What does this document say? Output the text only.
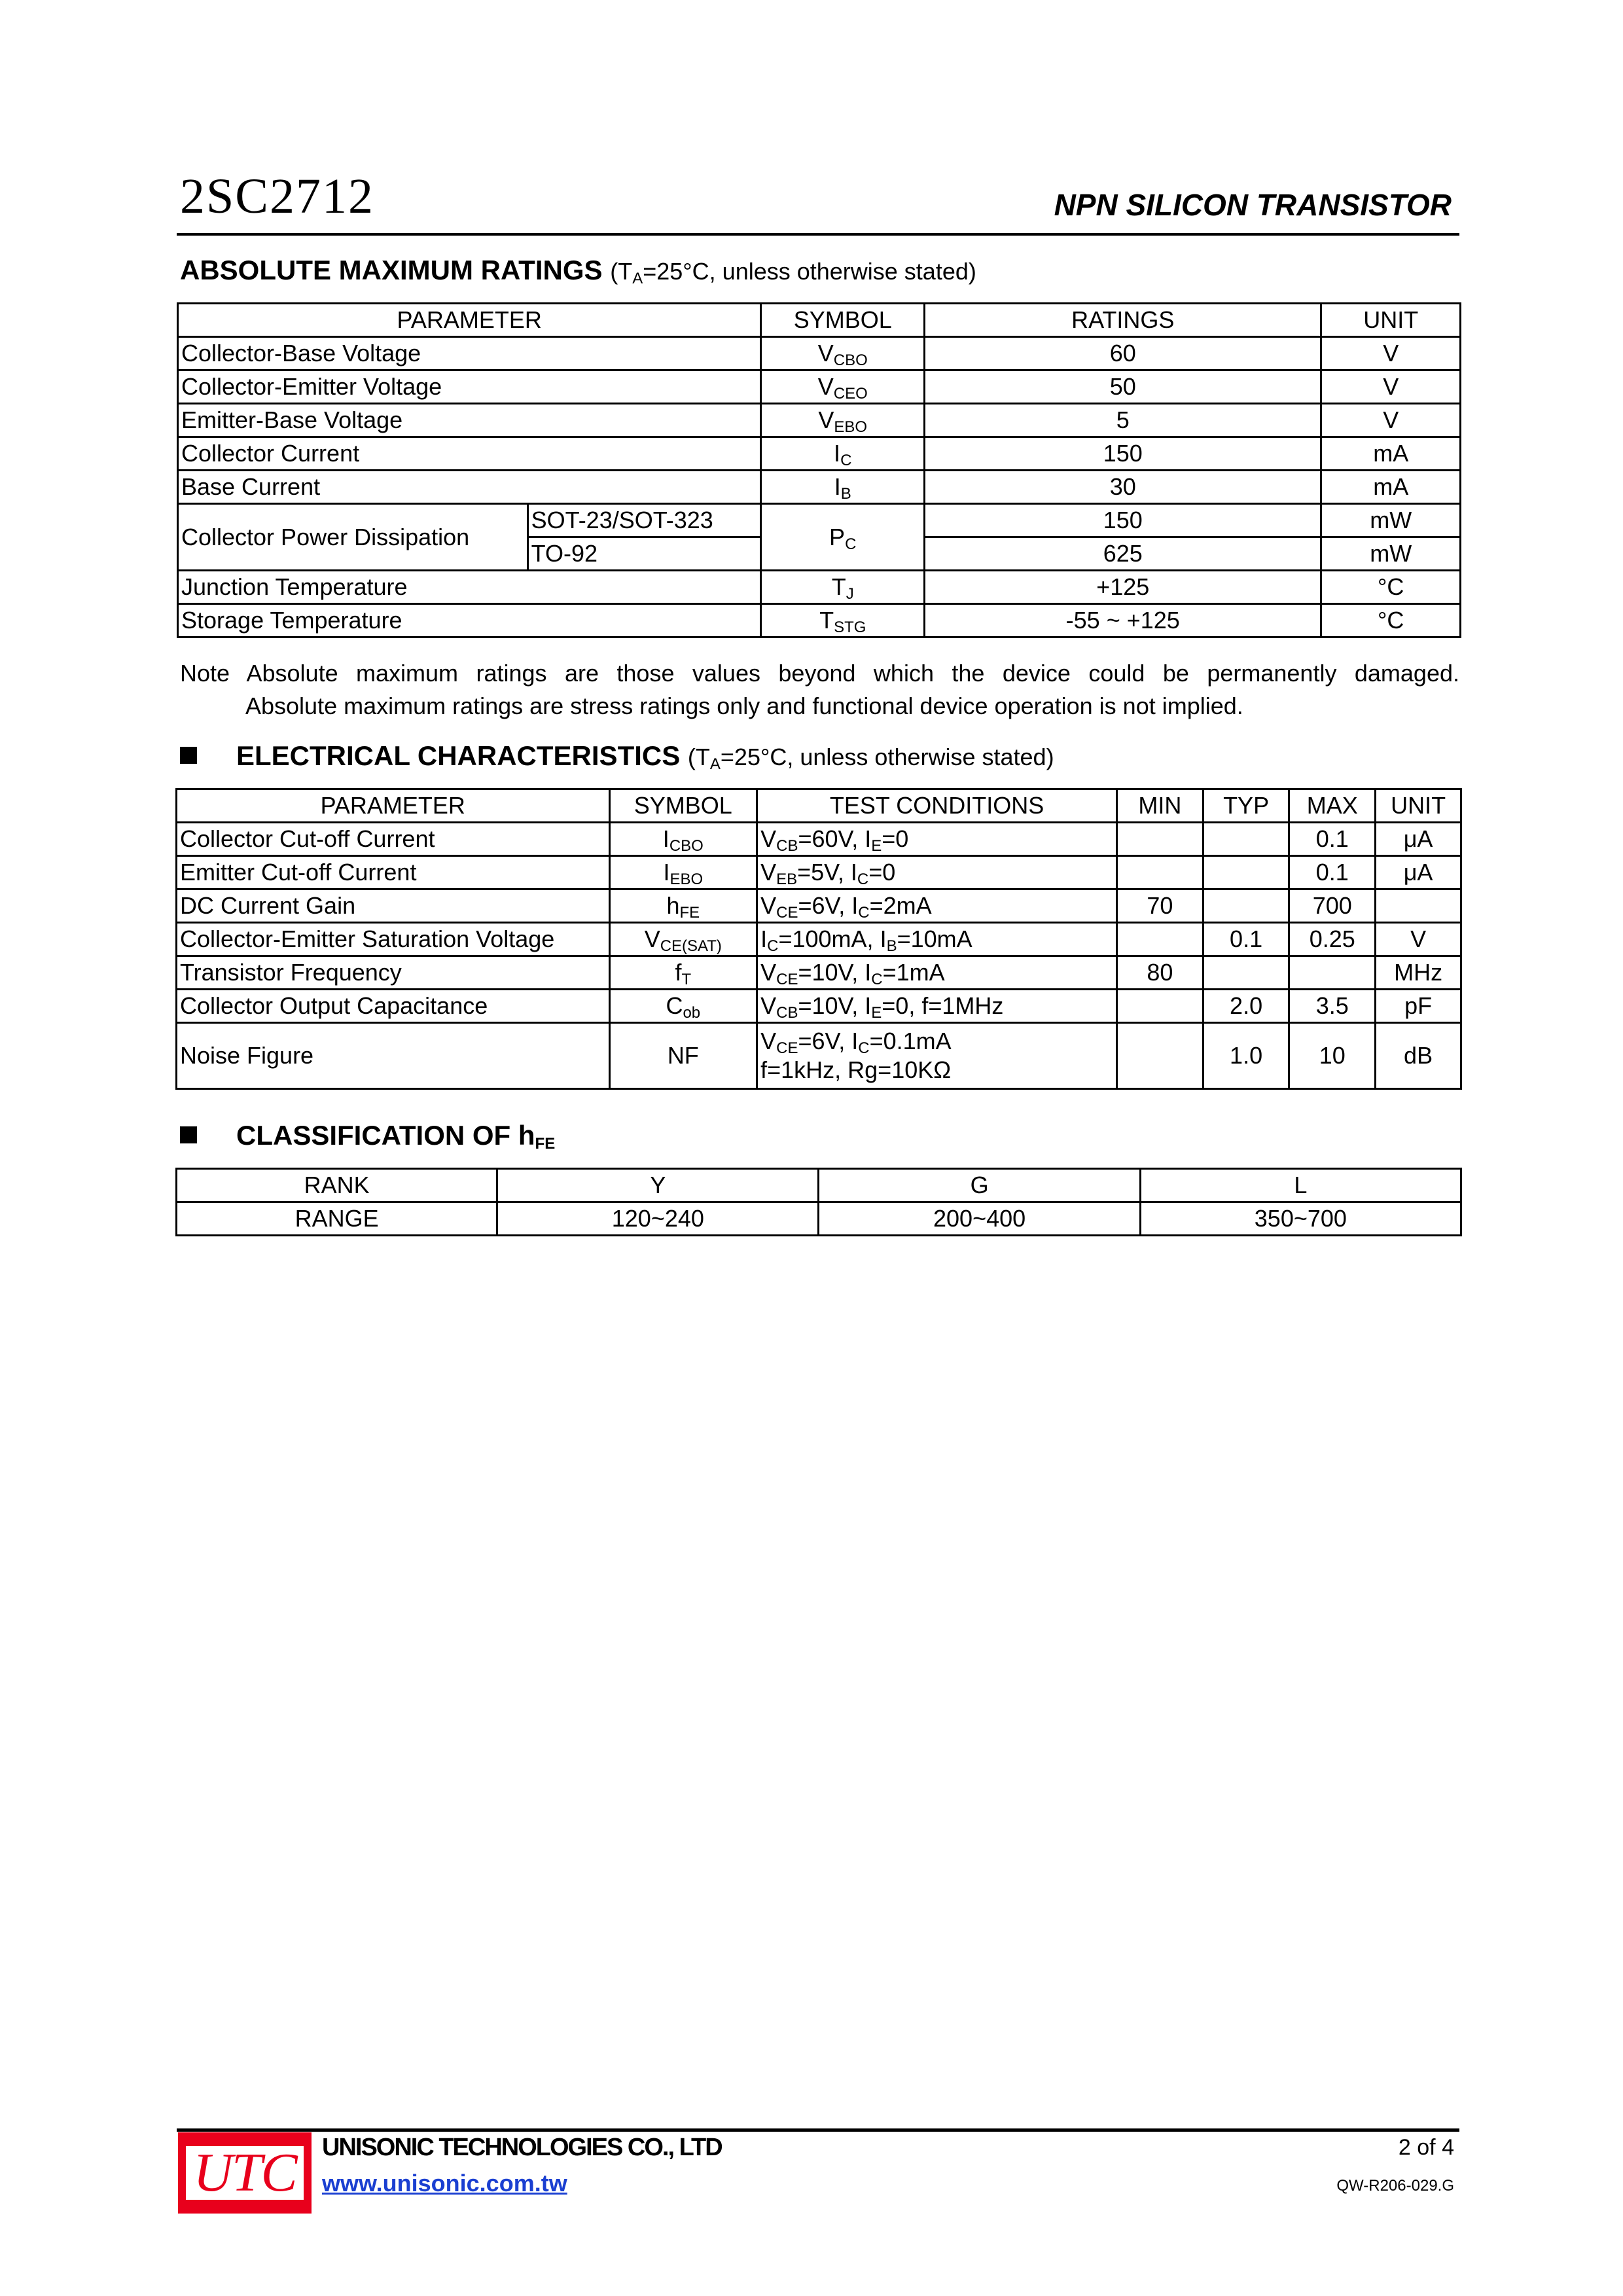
2SC2712	NPN SILICON TRANSISTOR
ABSOLUTE MAXIMUM RATINGS ($T_A=25^\circ C$, unless otherwise stated)
PARAMETER		SYMBOL	RATINGS	UNIT
Collector-Base Voltage		$V_{CBO}$	60	V
Collector-Emitter Voltage		$V_{CEO}$	50	V
Emitter-Base Voltage		$V_{EBO}$	5	V
Collector Current		$I_C$	150	mA
Base Current		$I_B$	30	mA
Collector Power Dissipation	SOT-23/SOT-323	$P_C$	150	mW
	TO-92		625	mW
Junction Temperature		$T_J$	+125	°C
Storage Temperature		$T_{STG}$	-55 ~ +125	°C
Note Absolute maximum ratings are those values beyond which the device could be permanently damaged.
Absolute maximum ratings are stress ratings only and functional device operation is not implied.
ELECTRICAL CHARACTERISTICS ($T_A=25^\circ C$, unless otherwise stated)
PARAMETER	SYMBOL	TEST CONDITIONS	MIN	TYP	MAX	UNIT
Collector Cut-off Current	$I_{CBO}$	$V_{CB}=60V$, $I_E=0$			0.1	μA
Emitter Cut-off Current	$I_{EBO}$	$V_{EB}=5V$, $I_C=0$			0.1	μA
DC Current Gain	$h_{FE}$	$V_{CE}=6V$, $I_C=2mA$	70		700	
Collector-Emitter Saturation Voltage	$V_{CE(SAT)}$	$I_C=100mA$, $I_B=10mA$		0.1	0.25	V
Transistor Frequency	$f_T$	$V_{CE}=10V$, $I_C=1mA$	80			MHz
Collector Output Capacitance	$C_{ob}$	$V_{CB}=10V$, $I_E=0$, f=1MHz		2.0	3.5	pF
Noise Figure	NF	$V_{CE}=6V$, $I_C=0.1mA$
f=1kHz, Rg=10KΩ		1.0	10	dB
CLASSIFICATION OF $h_{FE}$
RANK	Y	G	L
RANGE	120~240	200~400	350~700
UTC UNISONIC TECHNOLOGIES CO., LTD
www.unisonic.com.tw
2 of 4
QW-R206-029.G
